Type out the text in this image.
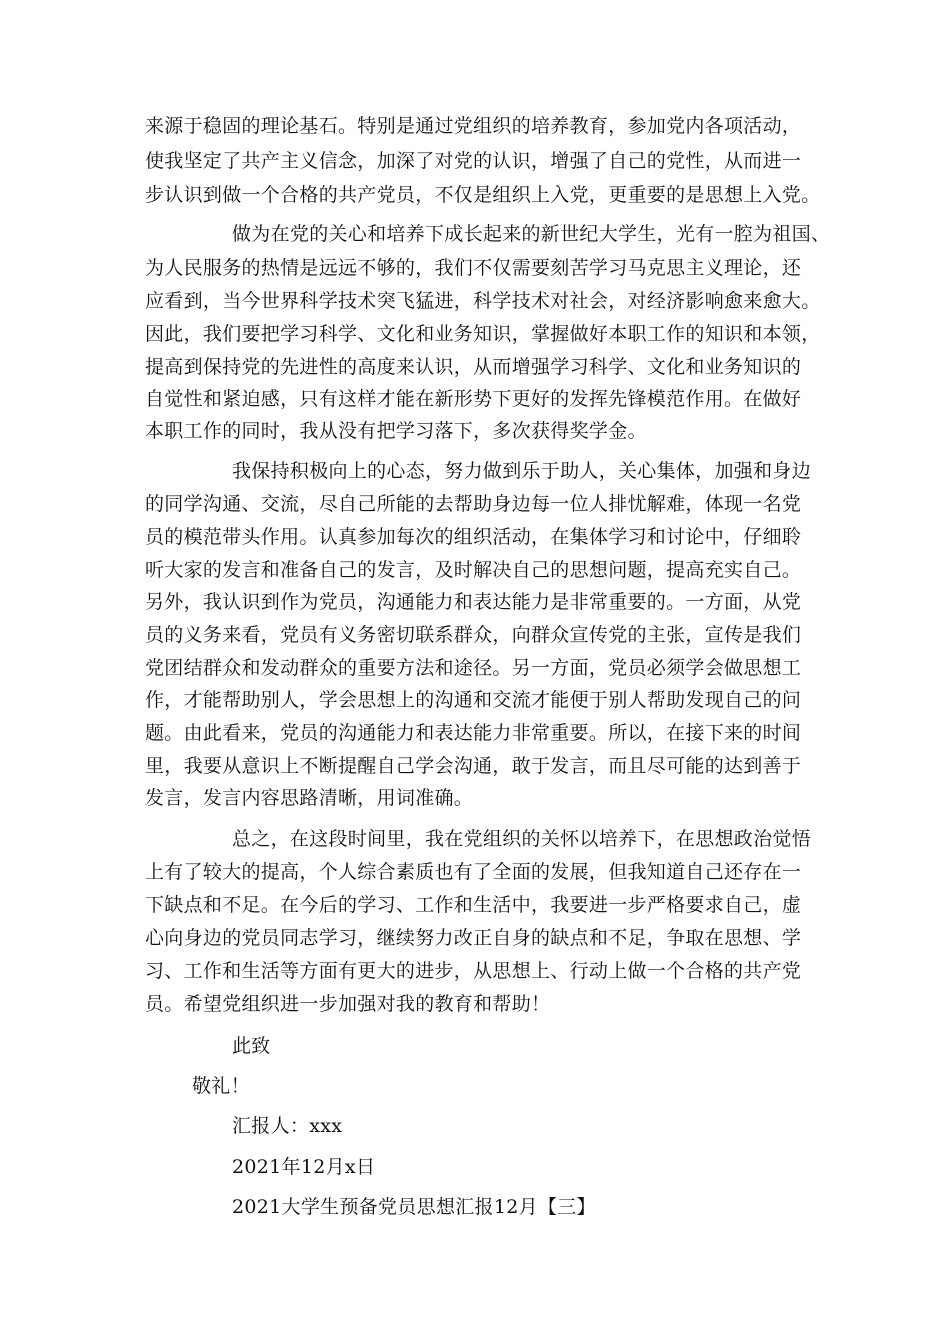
来源于稳固的理论基石。特别是通过党组织的培养教育，参加党内各项活动，
使我坚定了共产主义信念，加深了对党的认识，增强了自己的党性，从而进一
步认识到做一个合格的共产党员，不仅是组织上入党，更重要的是思想上入党。
做为在党的关心和培养下成长起来的新世纪大学生，光有一腔为祖国、
为人民服务的热情是远远不够的，我们不仅需要刻苦学习马克思主义理论，还
应看到，当今世界科学技术突飞猛进，科学技术对社会，对经济影响愈来愈大。
因此，我们要把学习科学、文化和业务知识，掌握做好本职工作的知识和本领，
提高到保持党的先进性的高度来认识，从而增强学习科学、文化和业务知识的
自觉性和紧迫感，只有这样才能在新形势下更好的发挥先锋模范作用。在做好
本职工作的同时，我从没有把学习落下，多次获得奖学金。
我保持积极向上的心态，努力做到乐于助人，关心集体，加强和身边
的同学沟通、交流，尽自己所能的去帮助身边每一位人排忧解难，体现一名党
员的模范带头作用。认真参加每次的组织活动，在集体学习和讨论中，仔细聆
听大家的发言和准备自己的发言，及时解决自己的思想问题，提高充实自己。
另外，我认识到作为党员，沟通能力和表达能力是非常重要的。一方面，从党
员的义务来看，党员有义务密切联系群众，向群众宣传党的主张，宣传是我们
党团结群众和发动群众的重要方法和途径。另一方面，党员必须学会做思想工
作，才能帮助别人，学会思想上的沟通和交流才能便于别人帮助发现自己的问
题。由此看来，党员的沟通能力和表达能力非常重要。所以，在接下来的时间
里，我要从意识上不断提醒自己学会沟通，敢于发言，而且尽可能的达到善于
发言，发言内容思路清晰，用词准确。
总之，在这段时间里，我在党组织的关怀以培养下，在思想政治觉悟
上有了较大的提高，个人综合素质也有了全面的发展，但我知道自己还存在一
下缺点和不足。在今后的学习、工作和生活中，我要进一步严格要求自己，虚
心向身边的党员同志学习，继续努力改正自身的缺点和不足，争取在思想、学
习、工作和生活等方面有更大的进步，从思想上、行动上做一个合格的共产党
员。希望党组织进一步加强对我的教育和帮助！
此致
敬礼！
汇报人：xxx
2021年12月x日
2021大学生预备党员思想汇报12月【三】
